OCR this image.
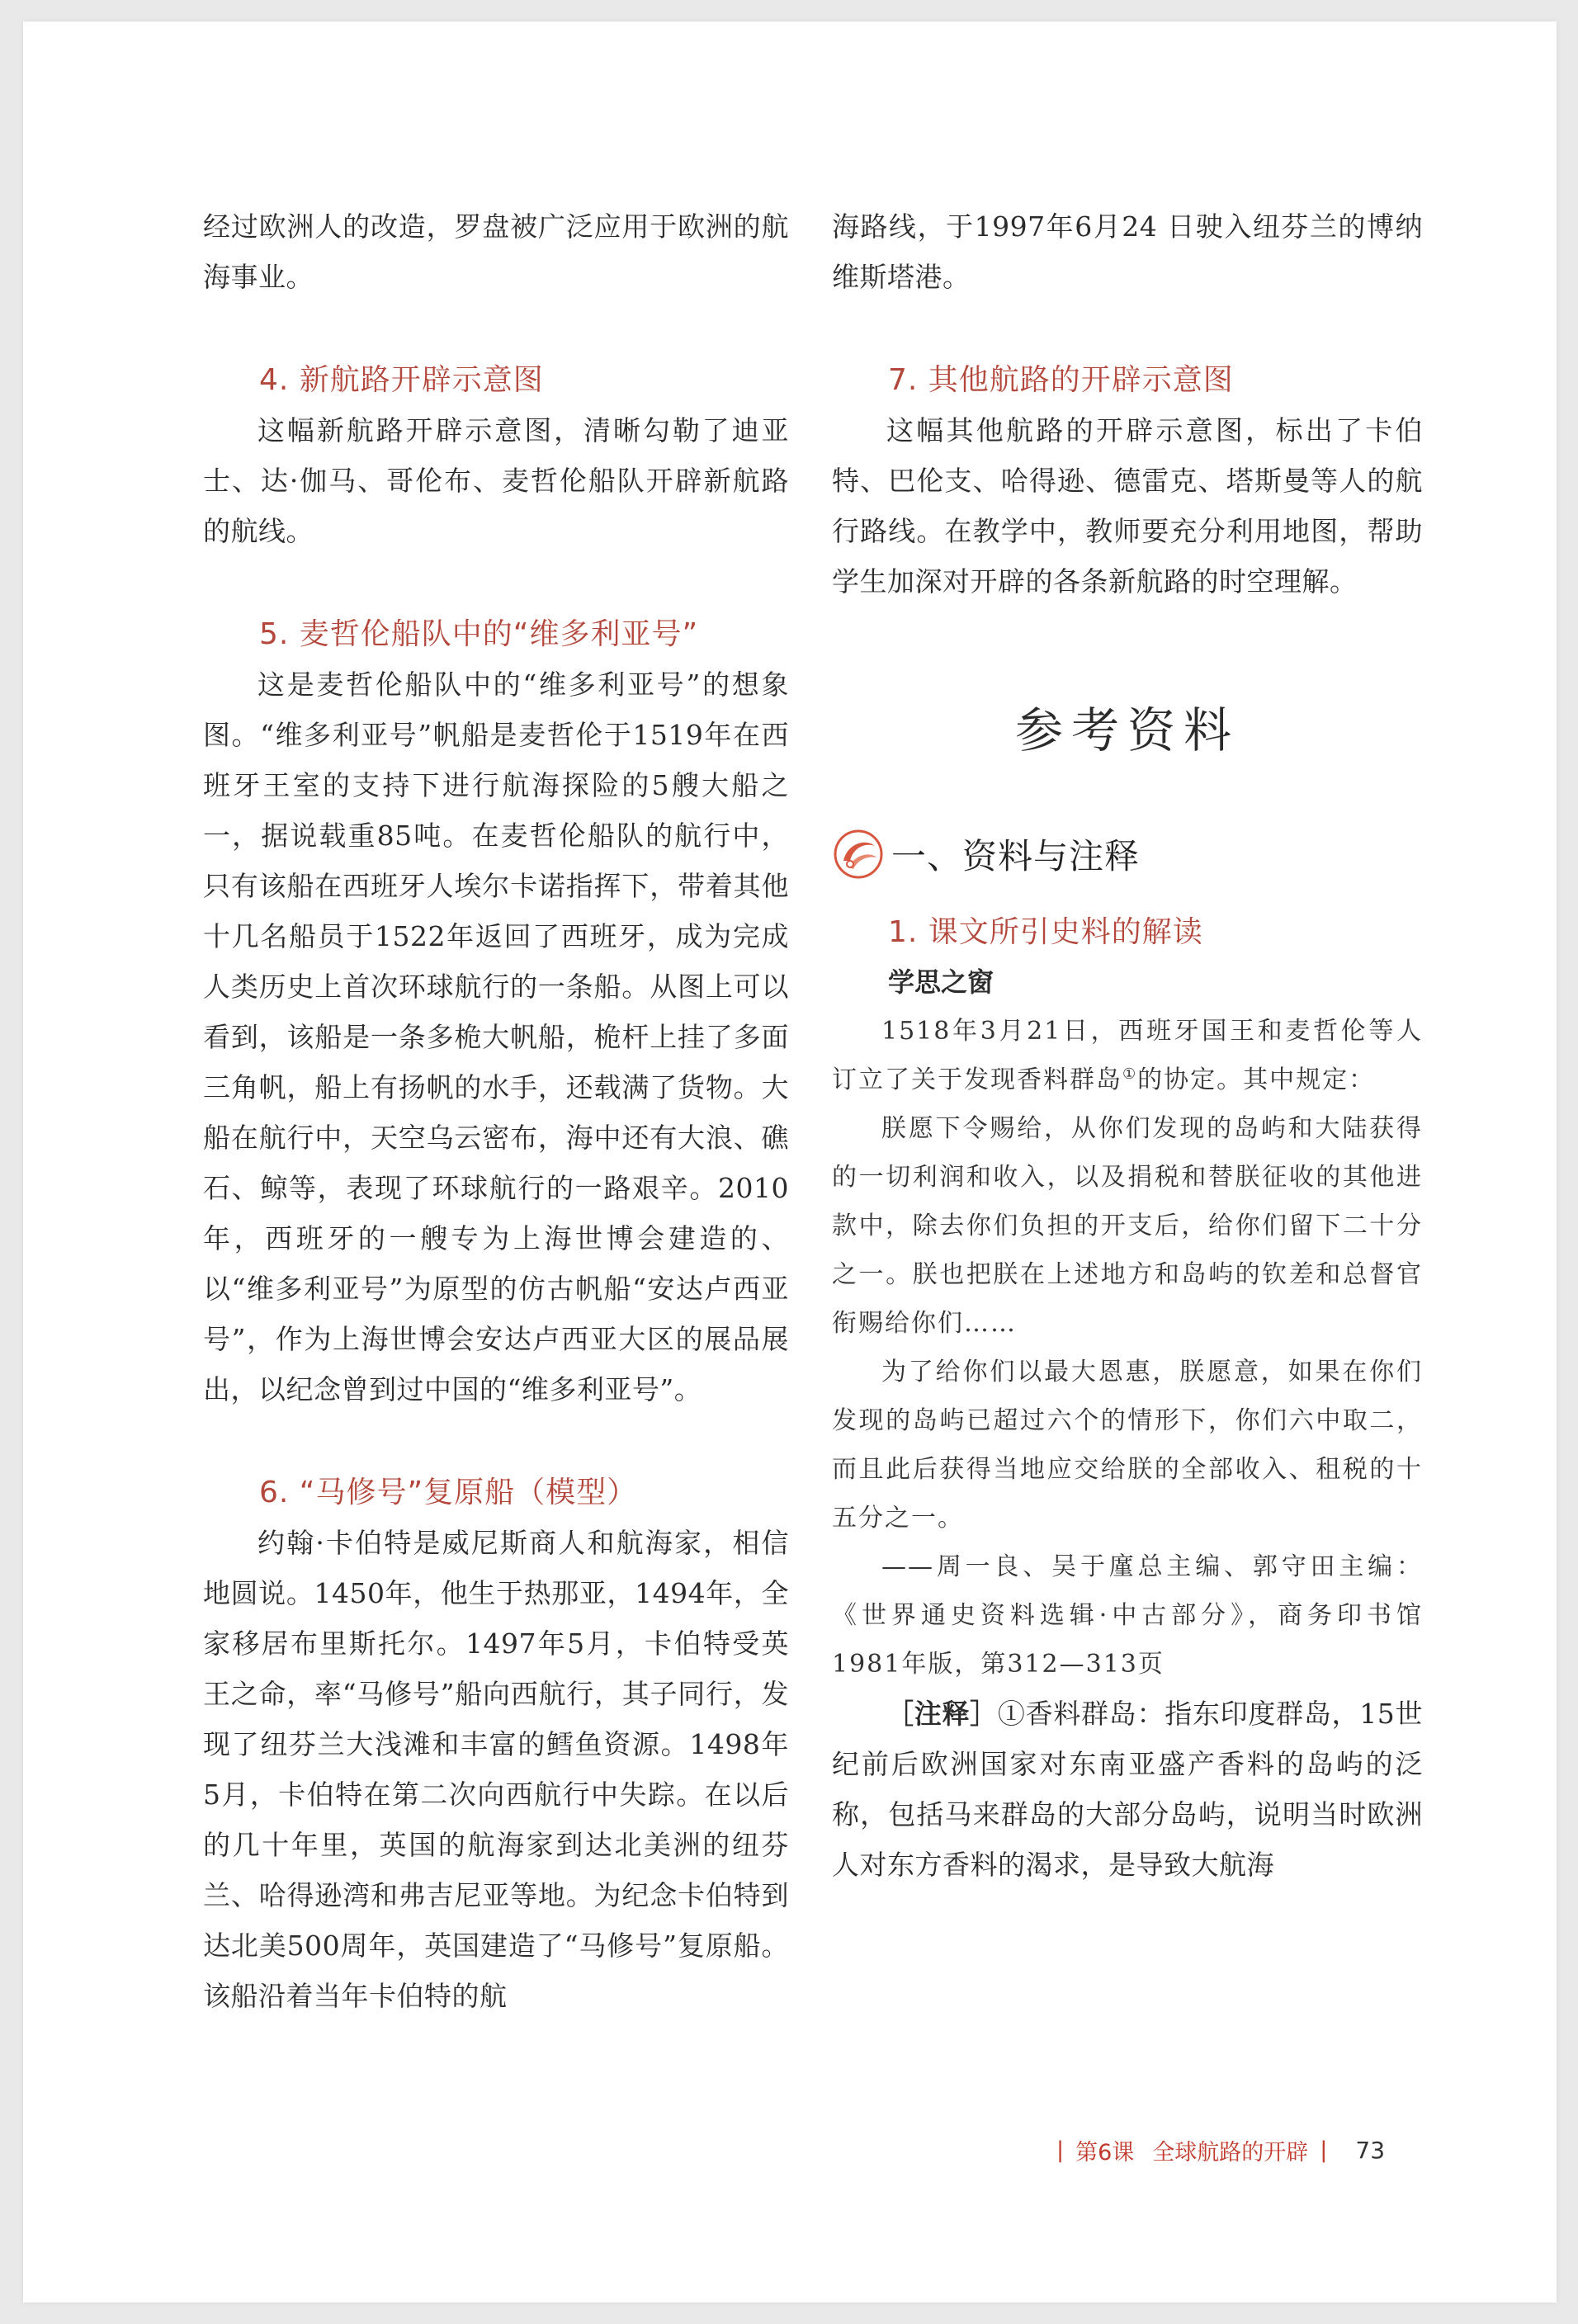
经过欧洲人的改造，罗盘被广泛应用于欧洲的航海事业。

4. 新航路开辟示意图

这幅新航路开辟示意图，清晰勾勒了迪亚士、达·伽马、哥伦布、麦哲伦船队开辟新航路的航线。

5. 麦哲伦船队中的“维多利亚号”

这是麦哲伦船队中的“维多利亚号”的想象图。“维多利亚号”帆船是麦哲伦于1519年在西班牙王室的支持下进行航海探险的5艘大船之一，据说载重85吨。在麦哲伦船队的航行中，只有该船在西班牙人埃尔卡诺指挥下，带着其他十几名船员于1522年返回了西班牙，成为完成人类历史上首次环球航行的一条船。从图上可以看到，该船是一条多桅大帆船，桅杆上挂了多面三角帆，船上有扬帆的水手，还载满了货物。大船在航行中，天空乌云密布，海中还有大浪、礁石、鲸等，表现了环球航行的一路艰辛。2010年，西班牙的一艘专为上海世博会建造的、以“维多利亚号”为原型的仿古帆船“安达卢西亚号”，作为上海世博会安达卢西亚大区的展品展出，以纪念曾到过中国的“维多利亚号”。

6. “马修号”复原船（模型）

约翰·卡伯特是威尼斯商人和航海家，相信地圆说。1450年，他生于热那亚，1494年，全家移居布里斯托尔。1497年5月，卡伯特受英王之命，率“马修号”船向西航行，其子同行，发现了纽芬兰大浅滩和丰富的鳕鱼资源。1498年5月，卡伯特在第二次向西航行中失踪。在以后的几十年里，英国的航海家到达北美洲的纽芬兰、哈得逊湾和弗吉尼亚等地。为纪念卡伯特到达北美500周年，英国建造了“马修号”复原船。该船沿着当年卡伯特的航

海路线，于1997年6月24 日驶入纽芬兰的博纳维斯塔港。

7. 其他航路的开辟示意图

这幅其他航路的开辟示意图，标出了卡伯特、巴伦支、哈得逊、德雷克、塔斯曼等人的航行路线。在教学中，教师要充分利用地图，帮助学生加深对开辟的各条新航路的时空理解。

参考资料

一、资料与注释

1. 课文所引史料的解读

学思之窗

1518年3月21日，西班牙国王和麦哲伦等人订立了关于发现香料群岛①的协定。其中规定：

朕愿下令赐给，从你们发现的岛屿和大陆获得的一切利润和收入，以及捐税和替朕征收的其他进款中，除去你们负担的开支后，给你们留下二十分之一。朕也把朕在上述地方和岛屿的钦差和总督官衔赐给你们……

为了给你们以最大恩惠，朕愿意，如果在你们发现的岛屿已超过六个的情形下，你们六中取二，而且此后获得当地应交给朕的全部收入、租税的十五分之一。

——周一良、吴于廑总主编、郭守田主编：《世界通史资料选辑·中古部分》，商务印书馆1981年版，第312—313页

［注释］①香料群岛：指东印度群岛，15世纪前后欧洲国家对东南亚盛产香料的岛屿的泛称，包括马来群岛的大部分岛屿，说明当时欧洲人对东方香料的渴求，是导致大航海

| 第6课 全球航路的开辟 | 73
